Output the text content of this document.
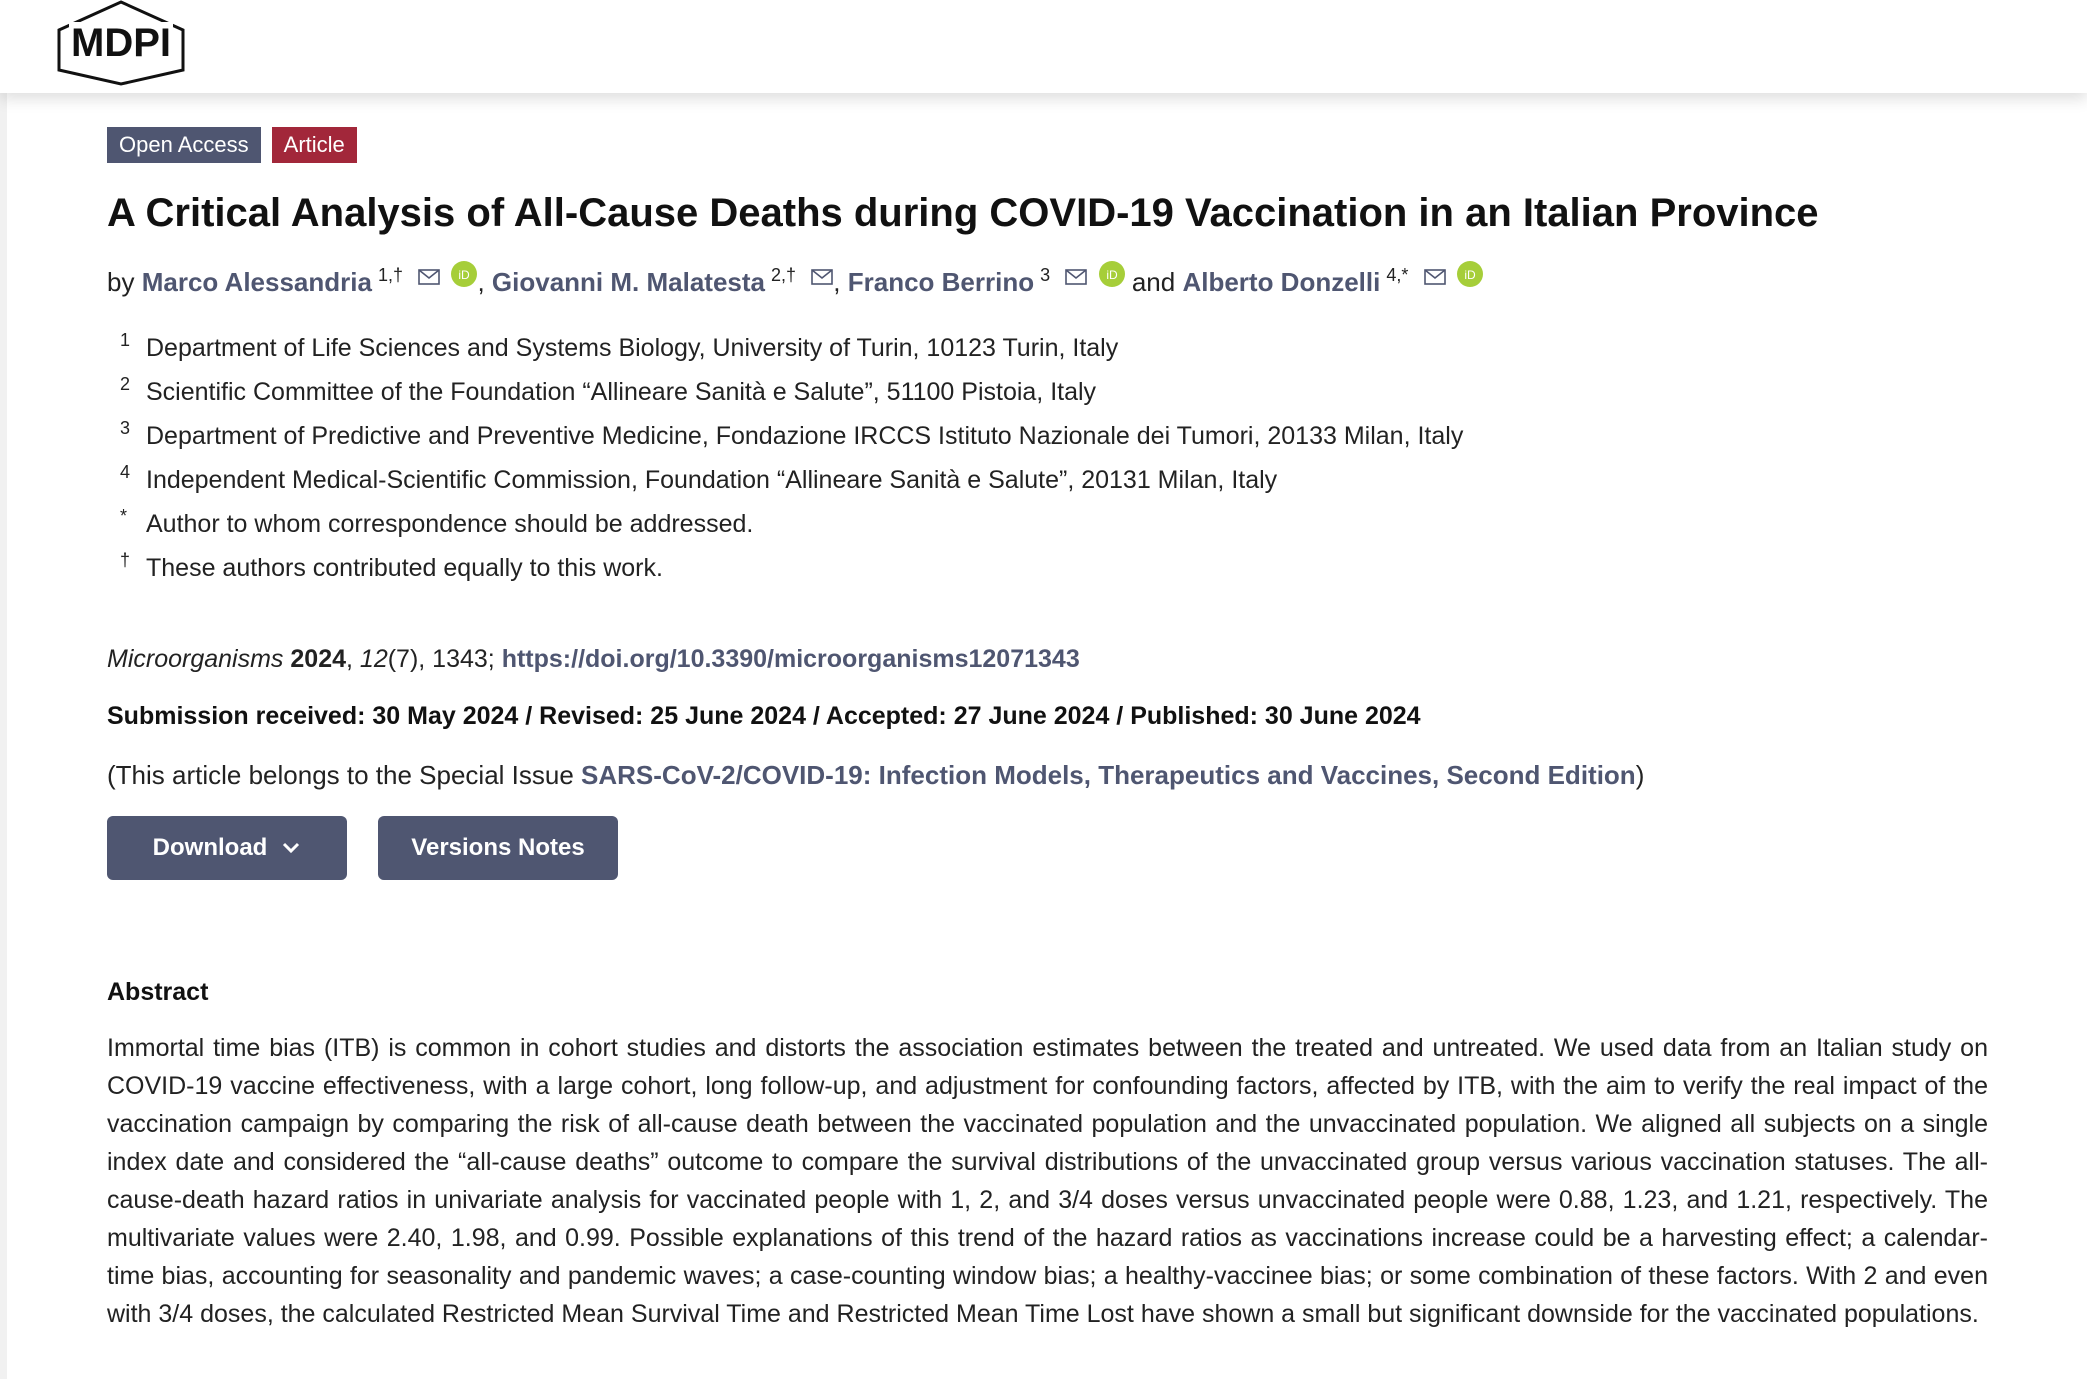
MDPI
Open Access	Article
A Critical Analysis of All-Cause Deaths during COVID-19 Vaccination in an Italian Province
by Marco Alessandria $^{1,\dagger}$
	iD , Giovanni M. Malatesta $^{2,\dagger}$ , Franco Berrino $^3$
	iD and Alberto Donzelli $^{4,*}$
	iD
1 Department of Life Sciences and Systems Biology, University of Turin, 10123 Turin, Italy
2 Scientific Committee of the Foundation “Allineare Sanità e Salute”, 51100 Pistoia, Italy
3 Department of Predictive and Preventive Medicine, Fondazione IRCCS Istituto Nazionale dei Tumori, 20133 Milan, Italy
4 Independent Medical-Scientific Commission, Foundation “Allineare Sanità e Salute”, 20131 Milan, Italy
* Author to whom correspondence should be addressed.
† These authors contributed equally to this work.
Microorganisms 2024, 12(7), 1343; https://doi.org/10.3390/microorganisms12071343
Submission received: 30 May 2024 / Revised: 25 June 2024 / Accepted: 27 June 2024 / Published: 30 June 2024
(This article belongs to the Special Issue SARS-CoV-2/COVID-19: Infection Models, Therapeutics and Vaccines, Second Edition)
Download	Versions Notes
Abstract

Immortal time bias (ITB) is common in cohort studies and distorts the association estimates between the treated and untreated. We used data from an Italian study on COVID-19 vaccine effectiveness, with a large cohort, long follow-up, and adjustment for confounding factors, affected by ITB, with the aim to verify the real impact of the vaccination campaign by comparing the risk of all-cause death between the vaccinated population and the unvaccinated population. We aligned all subjects on a single index date and considered the “all-cause deaths” outcome to compare the survival distributions of the unvaccinated group versus various vaccination statuses. The all-cause-death hazard ratios in univariate analysis for vaccinated people with 1, 2, and 3/4 doses versus unvaccinated people were 0.88, 1.23, and 1.21, respectively. The multivariate values were 2.40, 1.98, and 0.99. Possible explanations of this trend of the hazard ratios as vaccinations increase could be a harvesting effect; a calendar-time bias, accounting for seasonality and pandemic waves; a case-counting window bias; a healthy-vaccinee bias; or some combination of these factors. With 2 and even with 3/4 doses, the calculated Restricted Mean Survival Time and Restricted Mean Time Lost have shown a small but significant downside for the vaccinated populations.
